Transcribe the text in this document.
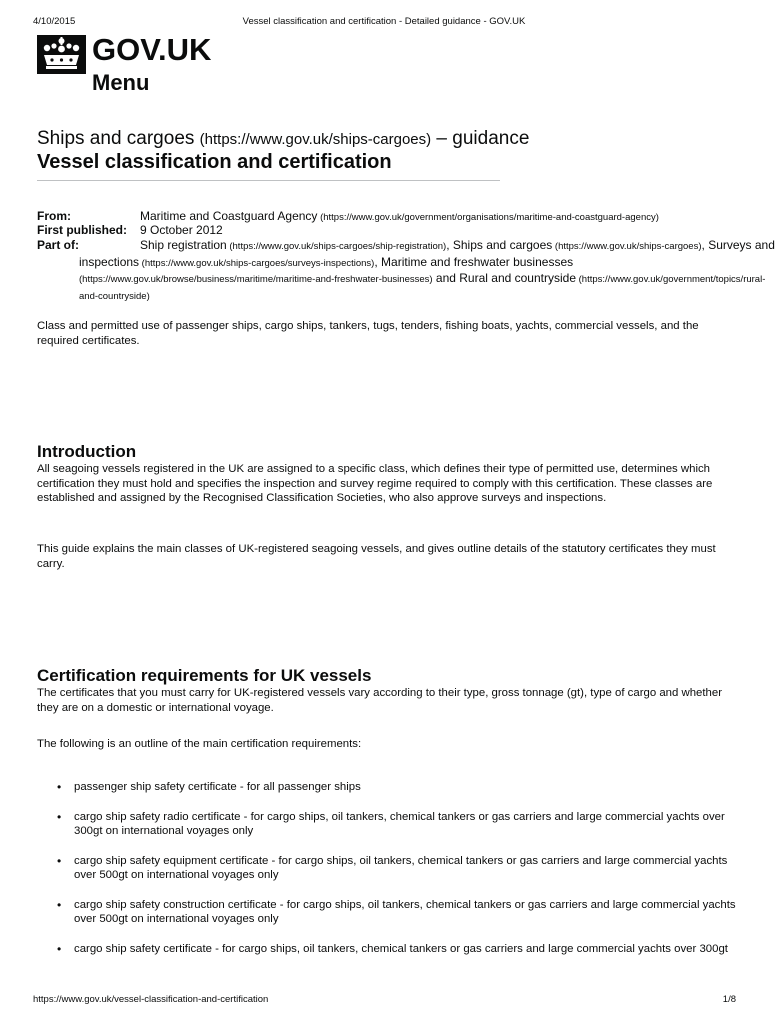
4/10/2015	Vessel classification and certification - Detailed guidance - GOV.UK
GOV.UK
Menu
Ships and cargoes (https://www.gov.uk/ships-cargoes) – guidance
Vessel classification and certification
From:	Maritime and Coastguard Agency (https://www.gov.uk/government/organisations/maritime-and-coastguard-agency)
First published: 9 October 2012
Part of:	Ship registration (https://www.gov.uk/ships-cargoes/ship-registration), Ships and cargoes (https://www.gov.uk/ships-cargoes), Surveys and inspections (https://www.gov.uk/ships-cargoes/surveys-inspections), Maritime and freshwater businesses (https://www.gov.uk/browse/business/maritime/maritime-and-freshwater-businesses) and Rural and countryside (https://www.gov.uk/government/topics/rural-and-countryside)
Class and permitted use of passenger ships, cargo ships, tankers, tugs, tenders, fishing boats, yachts, commercial vessels, and the required certificates.
Introduction
All seagoing vessels registered in the UK are assigned to a specific class, which defines their type of permitted use, determines which certification they must hold and specifies the inspection and survey regime required to comply with this certification. These classes are established and assigned by the Recognised Classification Societies, who also approve surveys and inspections.
This guide explains the main classes of UK-registered seagoing vessels, and gives outline details of the statutory certificates they must carry.
Certification requirements for UK vessels
The certificates that you must carry for UK-registered vessels vary according to their type, gross tonnage (gt), type of cargo and whether they are on a domestic or international voyage.
The following is an outline of the main certification requirements:
• passenger ship safety certificate - for all passenger ships
• cargo ship safety radio certificate - for cargo ships, oil tankers, chemical tankers or gas carriers and large commercial yachts over 300gt on international voyages only
• cargo ship safety equipment certificate - for cargo ships, oil tankers, chemical tankers or gas carriers and large commercial yachts over 500gt on international voyages only
• cargo ship safety construction certificate - for cargo ships, oil tankers, chemical tankers or gas carriers and large commercial yachts over 500gt on international voyages only
• cargo ship safety certificate - for cargo ships, oil tankers, chemical tankers or gas carriers and large commercial yachts over 300gt
https://www.gov.uk/vessel-classification-and-certification	1/8
